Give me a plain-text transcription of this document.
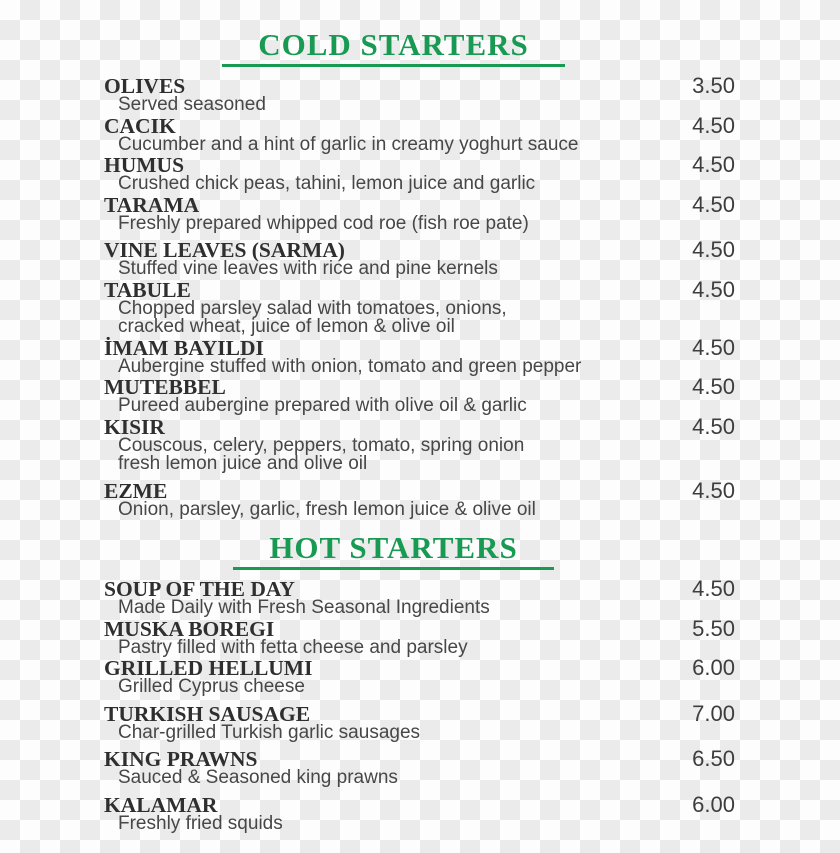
COLD STARTERS
OLIVES	3.50
Served seasoned
CACIK	4.50
Cucumber and a hint of garlic in creamy yoghurt sauce
HUMUS	4.50
Crushed chick peas, tahini, lemon juice and garlic
TARAMA	4.50
Freshly prepared whipped cod roe (fish roe pate)
VINE LEAVES (SARMA)	4.50
Stuffed vine leaves with rice and pine kernels
TABULE	4.50
Chopped parsley salad with tomatoes, onions,
cracked wheat, juice of lemon & olive oil
İMAM BAYILDI	4.50
Aubergine stuffed with onion, tomato and green pepper
MUTEBBEL	4.50
Pureed aubergine prepared with olive oil & garlic
KISIR	4.50
Couscous, celery, peppers, tomato, spring onion
fresh lemon juice and olive oil
EZME	4.50
Onion, parsley, garlic, fresh lemon juice & olive oil
HOT STARTERS
SOUP OF THE DAY	4.50
Made Daily with Fresh Seasonal Ingredients
MUSKA BOREGI	5.50
Pastry filled with fetta cheese and parsley
GRILLED HELLUMI	6.00
Grilled Cyprus cheese
TURKISH SAUSAGE	7.00
Char-grilled Turkish garlic sausages
KING PRAWNS	6.50
Sauced & Seasoned king prawns
KALAMAR	6.00
Freshly fried squids
